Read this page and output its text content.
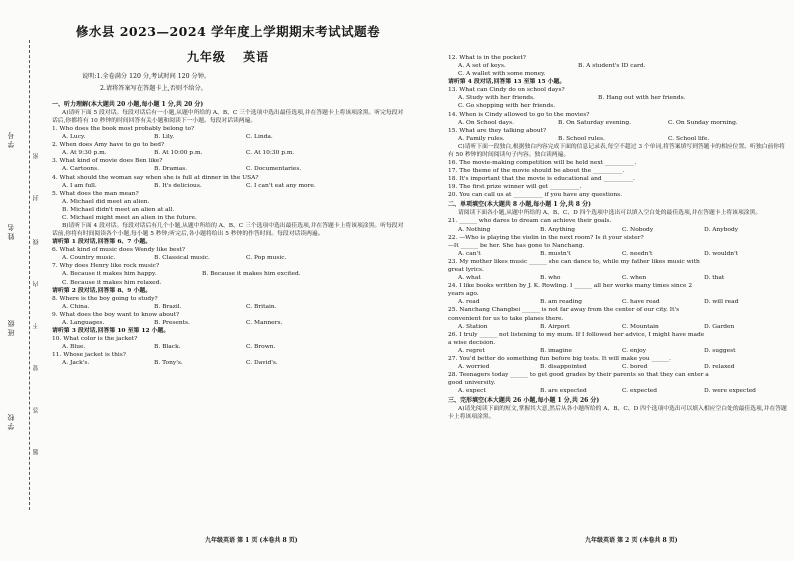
学号
姓名
班级
学校
密
封
线
内
不
要
答
题
修水县 2023—2024 学年度上学期期末考试试题卷
九年级 英语
说明:1.全卷满分 120 分,考试时间 120 分钟。
2.请将答案写在答题卡上,否则不给分。
一、听力理解(本大题共 20 小题,每小题 1 分,共 20 分)
A)请听下面 5 段对话。每段对话后有一小题,从题中所给的 A、B、C 三个选项中选出最佳选项,并在答题卡上将该项涂黑。听完每段对话后,你都将有 10 秒钟的时间回答有关小题和阅读下一小题。每段对话读两遍。
1. Who does the book most probably belong to?
A. Lucy.	B. Lily.	C. Linda.
2. When does Amy have to go to bed?
A. At 9:30 p.m.	B. At 10:00 p.m.	C. At 10:30 p.m.
3. What kind of movie does Ben like?
A. Cartoons.	B. Dramas.	C. Documentaries.
4. What should the woman say when she is full at dinner in the USA?
A. I am full.	B. It's delicious.	C. I can't eat any more.
5. What does the man mean?
A. Michael did meet an alien.
B. Michael didn't meet an alien at all.
C. Michael might meet an alien in the future.
B)请听下面 4 段对话。每段对话后有几个小题,从题中所给的 A、B、C 三个选项中选出最佳选项,并在答题卡上将该项涂黑。听每段对话前,你将有时间阅读各个小题,每小题 5 秒钟;听完后,各小题将给出 5 秒钟的作答时间。每段对话读两遍。
请听第 1 段对话,回答第 6、7 小题。
6. What kind of music does Wendy like best?
A. Country music.	B. Classical music.	C. Pop music.
7. Why does Henry like rock music?
A. Because it makes him happy.	B. Because it makes him excited.
C. Because it makes him relaxed.
请听第 2 段对话,回答第 8、9 小题。
8. Where is the boy going to study?
A. China.	B. Brazil.	C. Britain.
9. What does the boy want to know about?
A. Languages.	B. Presents.	C. Manners.
请听第 3 段对话,回答第 10 至第 12 小题。
10. What color is the jacket?
A. Blue.	B. Black.	C. Brown.
11. Whose jacket is this?
A. Jack's.	B. Tony's.	C. David's.
12. What is in the pocket?
A. A set of keys.	B. A student's ID card.
C. A wallet with some money.
请听第 4 段对话,回答第 13 至第 15 小题。
13. What can Cindy do on school days?
A. Study with her friends.	B. Hang out with her friends.
C. Go shopping with her friends.
14. When is Cindy allowed to go to the movies?
A. On School days.	B. On Saturday evening.	C. On Sunday morning.
15. What are they talking about?
A. Family rules.	B. School rules.	C. School life.
C)请听下面一段独白,根据独白内容完成下面的信息记录表,每空不超过 3 个单词,将答案填写到答题卡的相应位置。听独白前你将有 50 秒钟的时间阅读句子内容。独白读两遍。
16. The movie-making competition will be held next __________.
17. The theme of the movie should be about the __________.
18. It's important that the movie is educational and __________.
19. The first prize winner will get __________.
20. You can call us at __________ if you have any questions.
二、单项填空(本大题共 8 小题,每小题 1 分,共 8 分)
请阅读下面各小题,从题中所给的 A、B、C、D 四个选项中选出可以填入空白处的最佳选项,并在答题卡上将该项涂黑。
21. ______ who dares to dream can achieve their goals.
A. Nothing	B. Anything	C. Nobody	D. Anybody
22. —Who is playing the violin in the next room? Is it your sister?
—It ______ be her. She has gone to Nanchang.
A. can't	B. mustn't	C. needn't	D. wouldn't
23. My mother likes music ______ she can dance to, while my father likes music with
great lyrics.
A. what	B. who	C. when	D. that
24. I like books written by J. K. Rowling. I ______ all her works many times since 2
years ago.
A. read	B. am reading	C. have read	D. will read
25. Nanchang Changbei ______ is not far away from the center of our city. It's
convenient for us to take planes there.
A. Station	B. Airport	C. Mountain	D. Garden
26. I truly ______ not listening to my mum. If I followed her advice, I might have made
a wise decision.
A. regret	B. imagine	C. enjoy	D. suggest
27. You'd better do something fun before big tests. It will make you ______.
A. worried	B. disappointed	C. bored	D. relaxed
28. Teenagers today ______ to get good grades by their parents so that they can enter a
good university.
A. expect	B. are expected	C. expected	D. were expected
三、完形填空(本大题共 26 小题,每小题 1 分,共 26 分)
A)请先阅读下面的短文,掌握其大意,然后从各小题所给的 A、B、C、D 四个选项中选出可以填入相应空白处的最佳选项,并在答题卡上将该项涂黑。
九年级英语 第 1 页 (本卷共 8 页)	九年级英语 第 2 页 (本卷共 8 页)
